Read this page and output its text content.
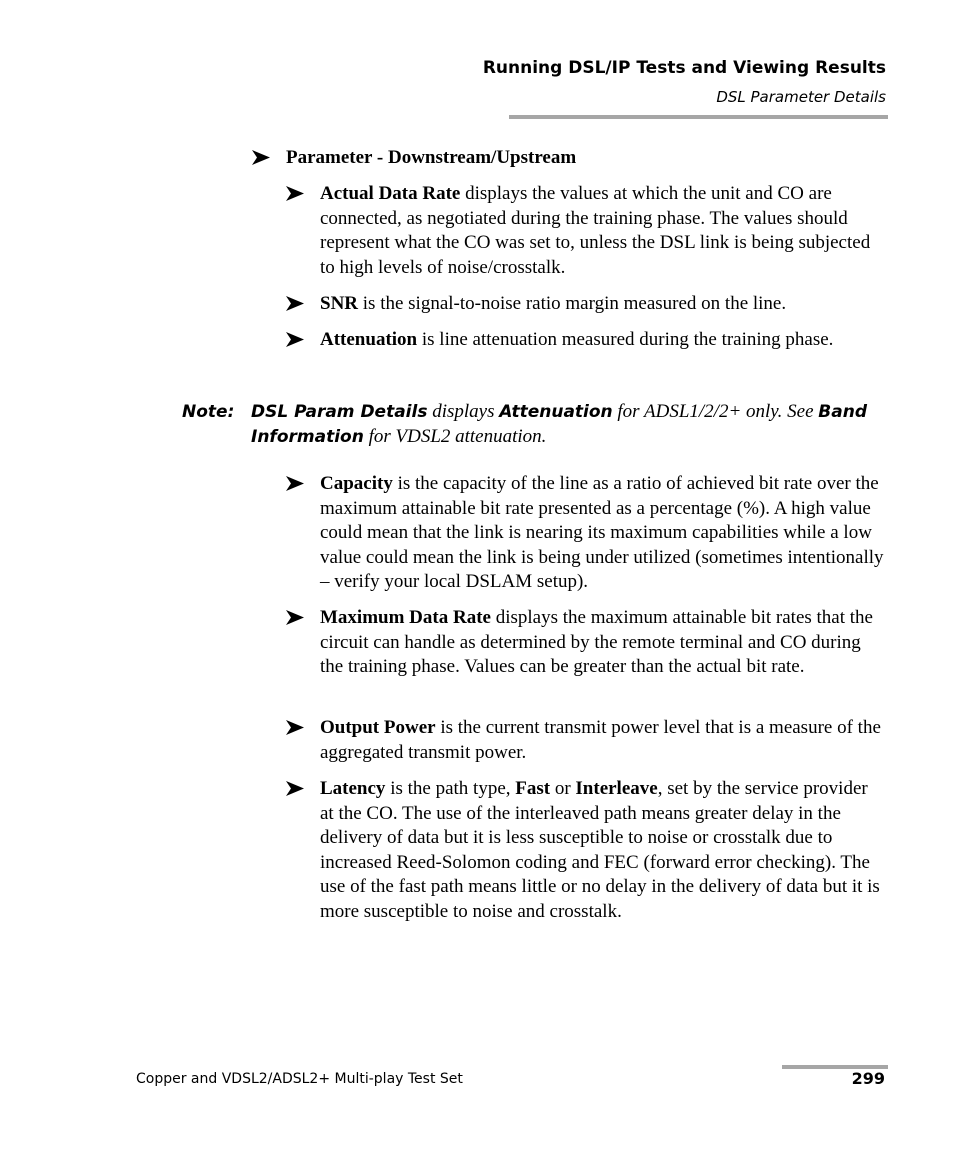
Running DSL/IP Tests and Viewing Results
DSL Parameter Details
Parameter - Downstream/Upstream
Actual Data Rate displays the values at which the unit and CO are connected, as negotiated during the training phase. The values should represent what the CO was set to, unless the DSL link is being subjected to high levels of noise/crosstalk.
SNR is the signal-to-noise ratio margin measured on the line.
Attenuation is line attenuation measured during the training phase.
Note: DSL Param Details displays Attenuation for ADSL1/2/2+ only. See Band Information for VDSL2 attenuation.
Capacity is the capacity of the line as a ratio of achieved bit rate over the maximum attainable bit rate presented as a percentage (%). A high value could mean that the link is nearing its maximum capabilities while a low value could mean the link is being under utilized (sometimes intentionally – verify your local DSLAM setup).
Maximum Data Rate displays the maximum attainable bit rates that the circuit can handle as determined by the remote terminal and CO during the training phase. Values can be greater than the actual bit rate.
Output Power is the current transmit power level that is a measure of the aggregated transmit power.
Latency is the path type, Fast or Interleave, set by the service provider at the CO. The use of the interleaved path means greater delay in the delivery of data but it is less susceptible to noise or crosstalk due to increased Reed-Solomon coding and FEC (forward error checking). The use of the fast path means little or no delay in the delivery of data but it is more susceptible to noise and crosstalk.
Copper and VDSL2/ADSL2+ Multi-play Test Set	299
